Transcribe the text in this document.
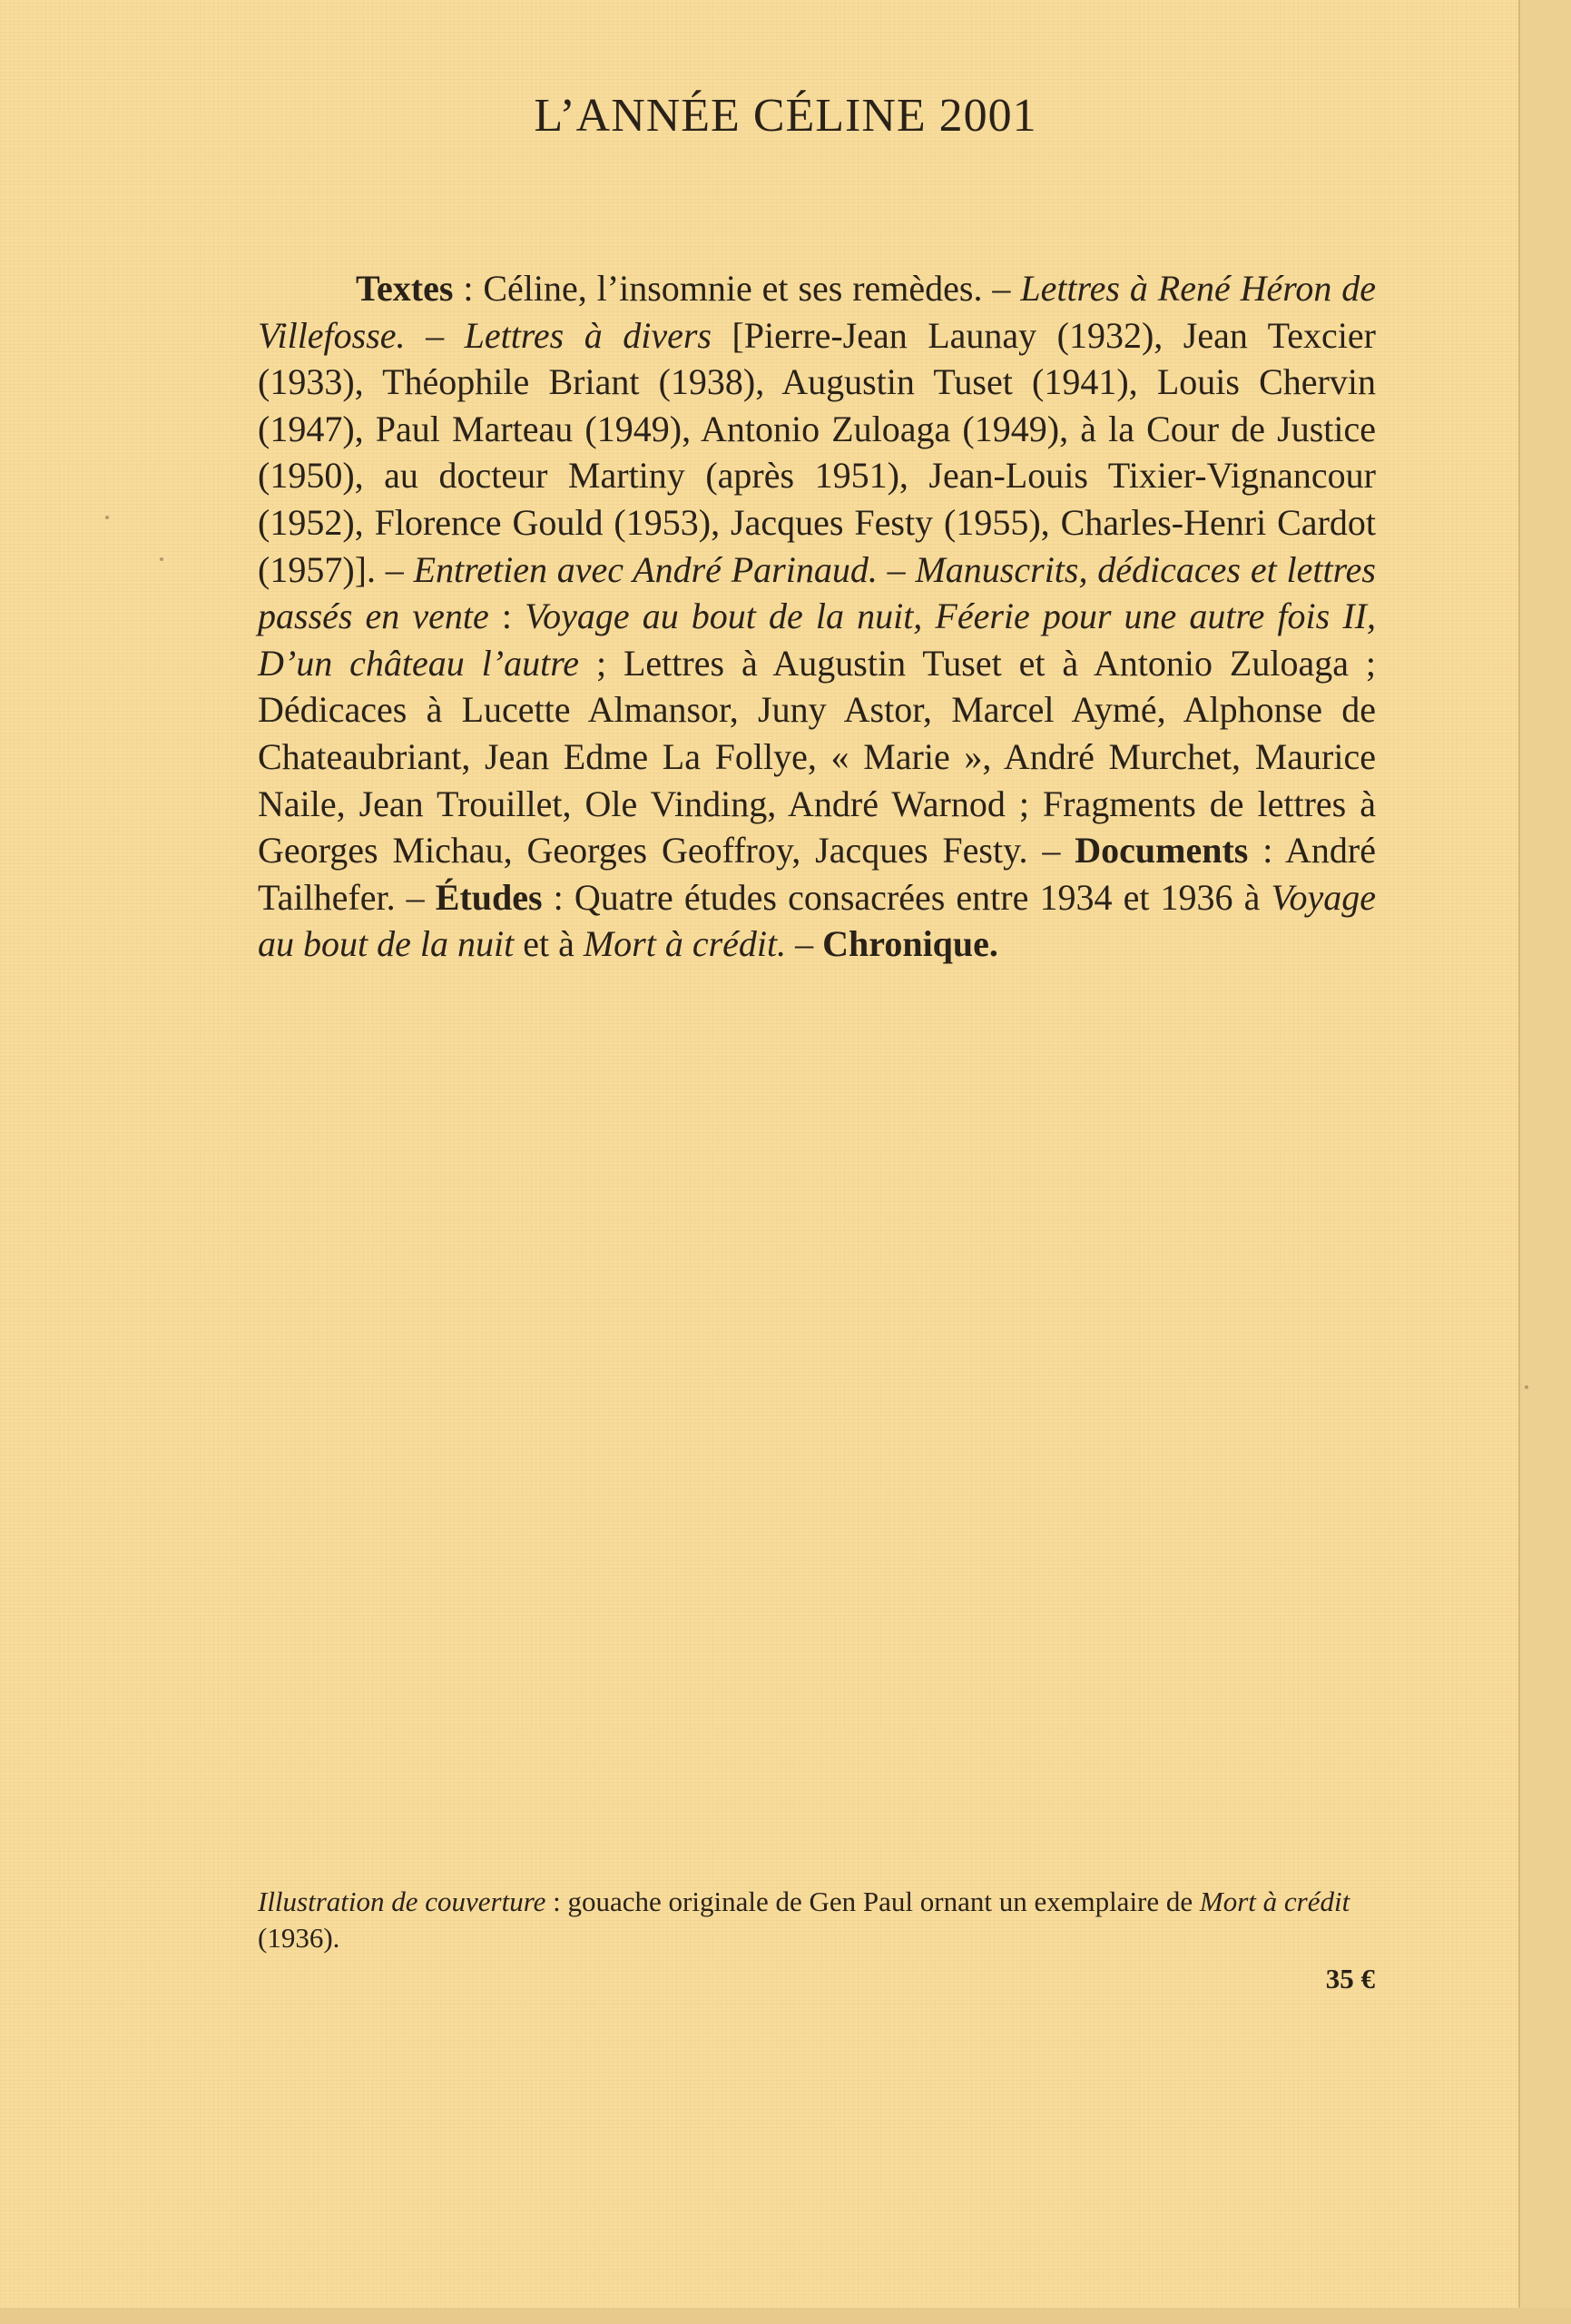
L’ANNÉE CÉLINE 2001

Textes : Céline, l’insomnie et ses remèdes. – Lettres à René Héron de Villefosse. – Lettres à divers [Pierre-Jean Launay (1932), Jean Texcier (1933), Théophile Briant (1938), Augustin Tuset (1941), Louis Chervin (1947), Paul Marteau (1949), Antonio Zuloaga (1949), à la Cour de Justice (1950), au docteur Martiny (après 1951), Jean-Louis Tixier-Vignancour (1952), Florence Gould (1953), Jacques Festy (1955), Charles-Henri Cardot (1957)]. – Entretien avec André Parinaud. – Manuscrits, dédicaces et lettres passés en vente : Voyage au bout de la nuit, Féerie pour une autre fois II, D’un château l’autre ; Lettres à Augustin Tuset et à Antonio Zuloaga ; Dédicaces à Lucette Almansor, Juny Astor, Marcel Aymé, Alphonse de Chateaubriant, Jean Edme La Follye, « Marie », André Murchet, Maurice Naile, Jean Trouillet, Ole Vinding, André Warnod ; Fragments de lettres à Georges Michau, Georges Geoffroy, Jacques Festy. – Documents : André Tailhefer. – Études : Quatre études consacrées entre 1934 et 1936 à Voyage au bout de la nuit et à Mort à crédit. – Chronique.

Illustration de couverture : gouache originale de Gen Paul ornant un exemplaire de Mort à crédit (1936).

35 €
